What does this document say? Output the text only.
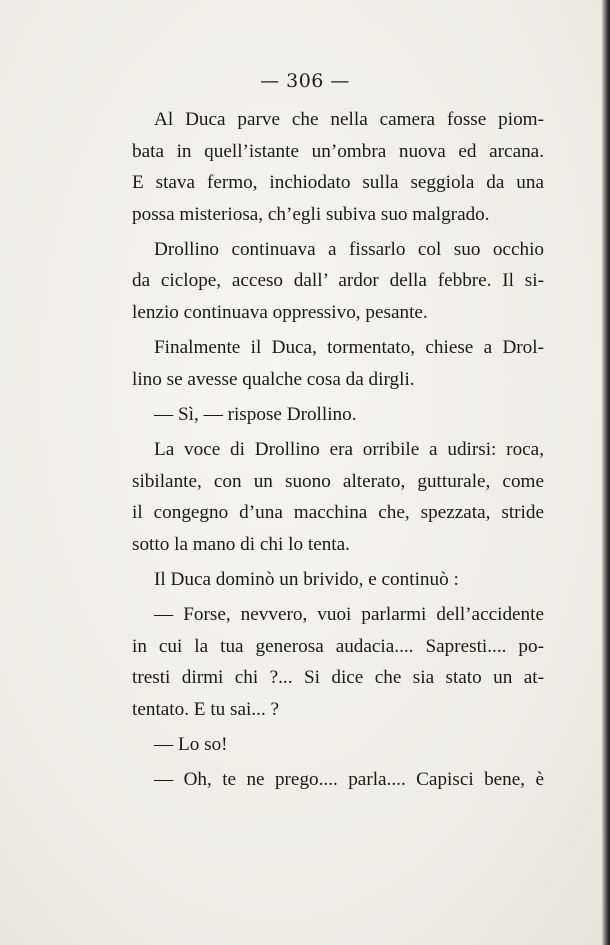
— 306 —
Al Duca parve che nella camera fosse piom-
bata in quell’istante un’ombra nuova ed arcana.
E stava fermo, inchiodato sulla seggiola da una
possa misteriosa, ch’egli subiva suo malgrado.
Drollino continuava a fissarlo col suo occhio
da ciclope, acceso dall’ ardor della febbre. Il si-
lenzio continuava oppressivo, pesante.
Finalmente il Duca, tormentato, chiese a Drol-
lino se avesse qualche cosa da dirgli.
— Sì, — rispose Drollino.
La voce di Drollino era orribile a udirsi: roca,
sibilante, con un suono alterato, gutturale, come
il congegno d’una macchina che, spezzata, stride
sotto la mano di chi lo tenta.
Il Duca dominò un brivido, e continuò :
— Forse, nevvero, vuoi parlarmi dell’accidente
in cui la tua generosa audacia.... Sapresti.... po-
tresti dirmi chi ?... Si dice che sia stato un at-
tentato. E tu sai... ?
— Lo so!
— Oh, te ne prego.... parla.... Capisci bene, è
